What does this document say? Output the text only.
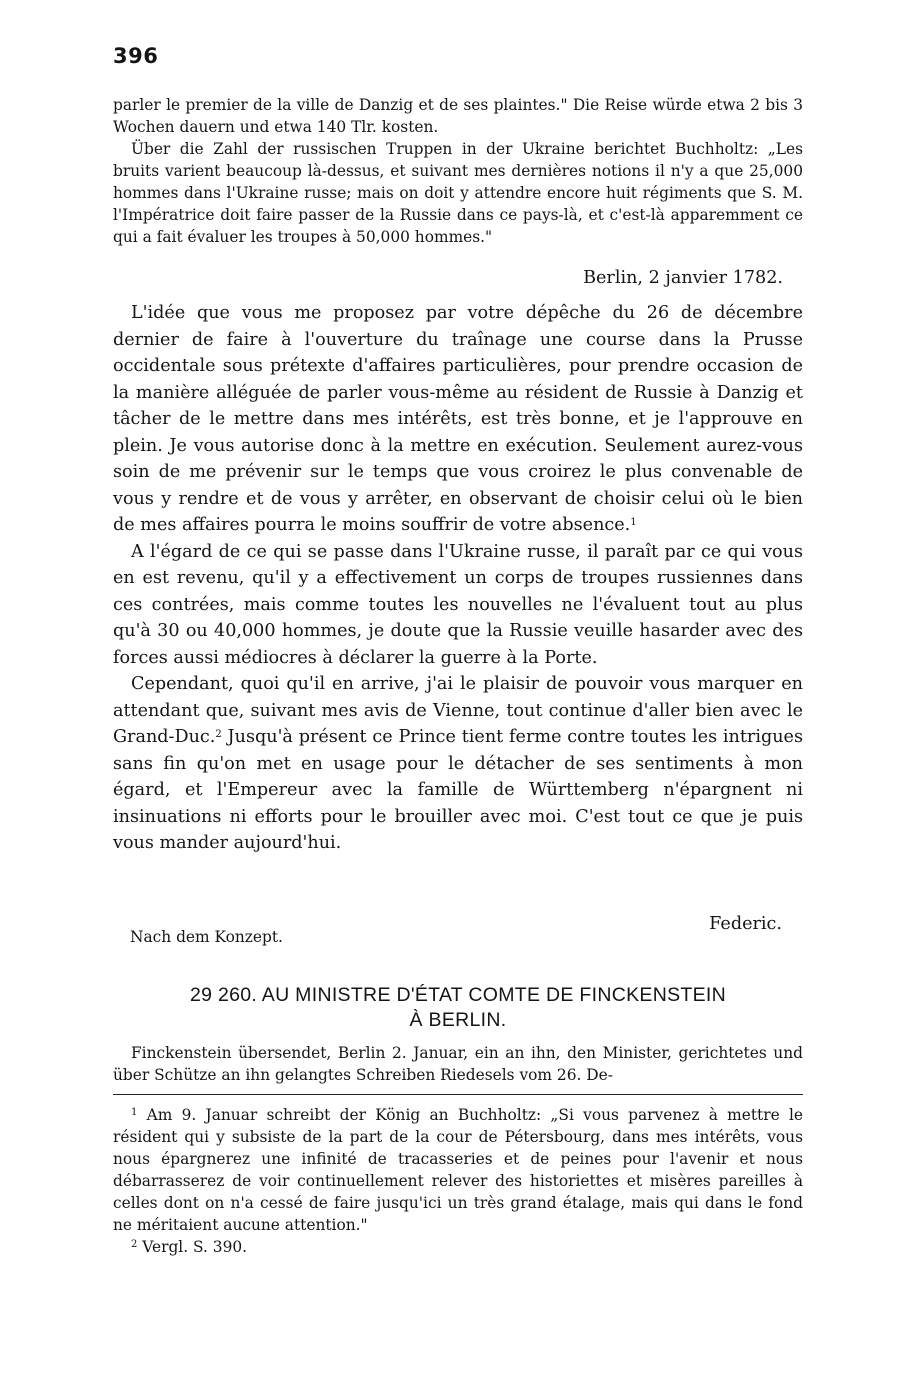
396

parler le premier de la ville de Danzig et de ses plaintes." Die Reise würde etwa 2 bis 3 Wochen dauern und etwa 140 Tlr. kosten.

Über die Zahl der russischen Truppen in der Ukraine berichtet Buchholtz: „Les bruits varient beaucoup là-dessus, et suivant mes dernières notions il n'y a que 25,000 hommes dans l'Ukraine russe; mais on doit y attendre encore huit régiments que S. M. l'Impératrice doit faire passer de la Russie dans ce pays-là, et c'est-là apparemment ce qui a fait évaluer les troupes à 50,000 hommes."

Berlin, 2 janvier 1782.

L'idée que vous me proposez par votre dépêche du 26 de décembre dernier de faire à l'ouverture du traînage une course dans la Prusse occidentale sous prétexte d'affaires particulières, pour prendre occasion de la manière alléguée de parler vous-même au résident de Russie à Danzig et tâcher de le mettre dans mes intérêts, est très bonne, et je l'approuve en plein. Je vous autorise donc à la mettre en exécution. Seulement aurez-vous soin de me prévenir sur le temps que vous croirez le plus convenable de vous y rendre et de vous y arrêter, en observant de choisir celui où le bien de mes affaires pourra le moins souffrir de votre absence.$^1$

A l'égard de ce qui se passe dans l'Ukraine russe, il paraît par ce qui vous en est revenu, qu'il y a effectivement un corps de troupes russiennes dans ces contrées, mais comme toutes les nouvelles ne l'évaluent tout au plus qu'à 30 ou 40,000 hommes, je doute que la Russie veuille hasarder avec des forces aussi médiocres à déclarer la guerre à la Porte.

Cependant, quoi qu'il en arrive, j'ai le plaisir de pouvoir vous marquer en attendant que, suivant mes avis de Vienne, tout continue d'aller bien avec le Grand-Duc.$^2$ Jusqu'à présent ce Prince tient ferme contre toutes les intrigues sans fin qu'on met en usage pour le détacher de ses sentiments à mon égard, et l'Empereur avec la famille de Württemberg n'épargnent ni insinuations ni efforts pour le brouiller avec moi. C'est tout ce que je puis vous mander aujourd'hui.

Federic.
Nach dem Konzept.
29 260. AU MINISTRE D'ÉTAT COMTE DE FINCKENSTEIN
À BERLIN.

Finckenstein übersendet, Berlin 2. Januar, ein an ihn, den Minister, gerichtetes und über Schütze an ihn gelangtes Schreiben Riedesels vom 26. De-

$^1$ Am 9. Januar schreibt der König an Buchholtz: „Si vous parvenez à mettre le résident qui y subsiste de la part de la cour de Pétersbourg, dans mes intérêts, vous nous épargnerez une infinité de tracasseries et de peines pour l'avenir et nous débarrasserez de voir continuellement relever des historiettes et misères pareilles à celles dont on n'a cessé de faire jusqu'ici un très grand étalage, mais qui dans le fond ne méritaient aucune attention."

$^2$ Vergl. S. 390.
